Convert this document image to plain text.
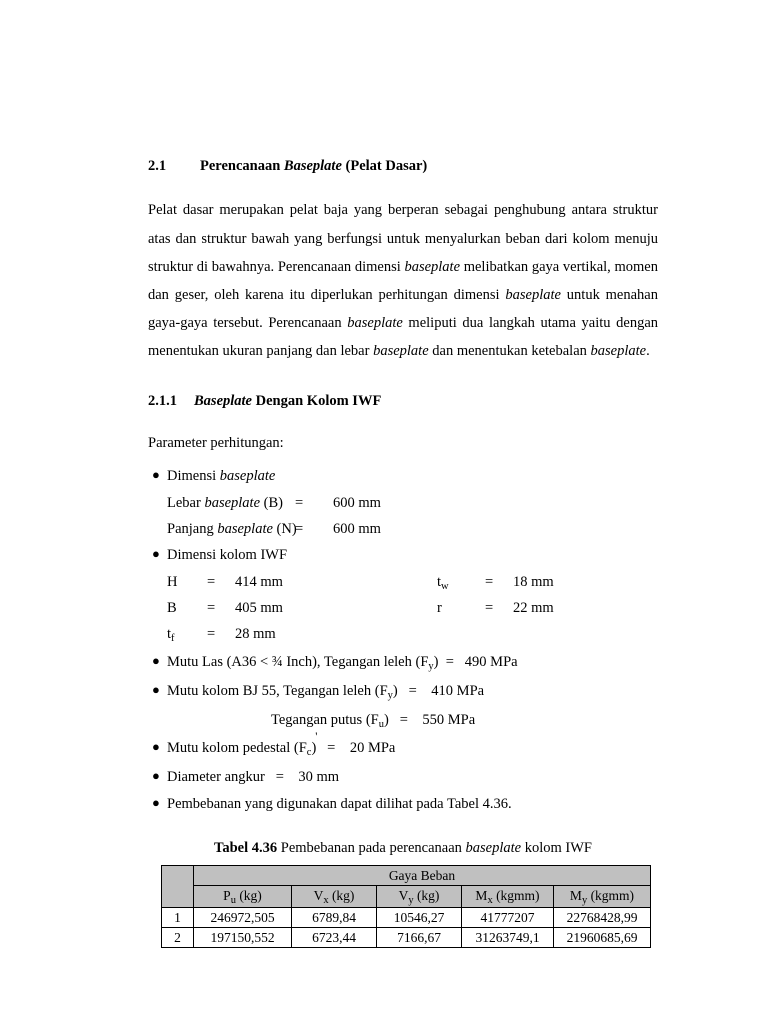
2.1 Perencanaan Baseplate (Pelat Dasar)

Pelat dasar merupakan pelat baja yang berperan sebagai penghubung antara struktur atas dan struktur bawah yang berfungsi untuk menyalurkan beban dari kolom menuju struktur di bawahnya. Perencanaan dimensi baseplate melibatkan gaya vertikal, momen dan geser, oleh karena itu diperlukan perhitungan dimensi baseplate untuk menahan gaya-gaya tersebut. Perencanaan baseplate meliputi dua langkah utama yaitu dengan menentukan ukuran panjang dan lebar baseplate dan menentukan ketebalan baseplate.

2.1.1 Baseplate Dengan Kolom IWF
Parameter perhitungan:
● Dimensi baseplate
Lebar baseplate (B) = 600 mm
Panjang baseplate (N)= 600 mm
● Dimensi kolom IWF
H = 414 mm	$t_w$	= 18 mm
B = 405 mm	r	= 22 mm
$t_f = 28$ mm
● Mutu Las (A36 < ¾ Inch), Tegangan leleh $(F_y) = 490$ MPa
● Mutu kolom BJ 55, Tegangan leleh $(F_y) = 410$ MPa
Tegangan putus $(F_u) = 550$ MPa
● Mutu kolom pedestal ($F_c$
'
) = 20 MPa
● Diameter angkur = 30 mm
● Pembebanan yang digunakan dapat dilihat pada Tabel 4.36.
Tabel 4.36 Pembebanan pada perencanaan baseplate kolom IWF
	Gaya Beban				
	$P_u$ (kg)	$V_x$ (kg)	$V_y$ (kg)	$M_x$ (kgmm)	$M_y$ (kgmm)
1	246972,505	6789,84	10546,27	41777207	22768428,99
2	197150,552	6723,44	7166,67	31263749,1	21960685,69
